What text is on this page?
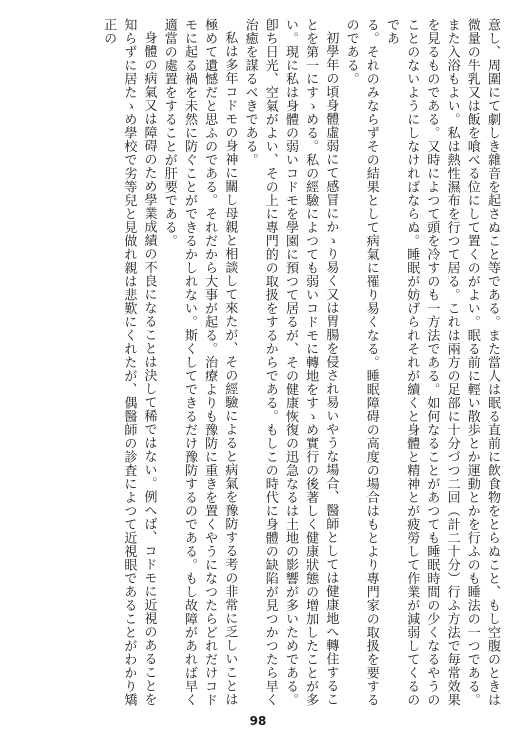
意し、周圍にて劇しき雜音を起さぬこと等である。また當人は眠る直前に飲食物をとらぬこと、もし空腹のときは微量の牛乳又は飯を喰べる位にして置くのがよい。眠る前に輕い散歩とか運動とかを行ふのも睡法の一つである。また入浴もよい。私は熱性濕布を行つて居る。これは兩方の足部に十分づつ二回（計二十分）行ふ方法で毎常效果を見るものである。又時によつて頭を冷すのも一方法である。如何なることがあつても睡眠時間の少くなるやうのことのないようにしなければならぬ。睡眠が妨げられそれが續くと身體と精神とが疲勞して作業が減弱してくるのであ

る。それのみならずその結果として病氣に罹り易くなる。睡眠障碍の高度の場合はもとより專門家の取扱を要するのである。

初學年の頃身體虛弱にて感冒にかゝり易く又は胃腸を侵され易いやうな場合、醫師としては健康地へ轉住することを第一にすゝめる。私の經驗によつても弱いコドモに轉地をすゝめ實行の後著しく健康狀態の增加したことが多い。現に私は身體の弱いコドモを學園に預つて居るが、その健康恢復の迅急なるは土地の影響が多いためである。卽ち日光、空氣がよい、その上に專門的の取扱をするからである。もしこの時代に身體の缺陷が見つかつたら早く治癒を謀るべきである。

私は多年コドモの身神に關し母親と相談して來たが、その經驗によると病氣を豫防する考の非常に乏しいことは極めて遺憾だと思ふのである。それだから大事が起る。治療よりも豫防に重きを置くやうになつたらどれだけコドモに起る禍を未然に防ぐことができるかしれない。斯くしてできるだけ豫防するのである。もし故障があれば早く適當の處置をすることが肝要である。

身體の病氣又は障碍のため學業成績の不良になることは決して稀ではない。例へば、コドモに近視のあることを知らずに居たゝめ學校で劣等兒と見做れ親は悲歎にくれたが、偶醫師の診査によつて近視眼であることがわかり矯正の

98
